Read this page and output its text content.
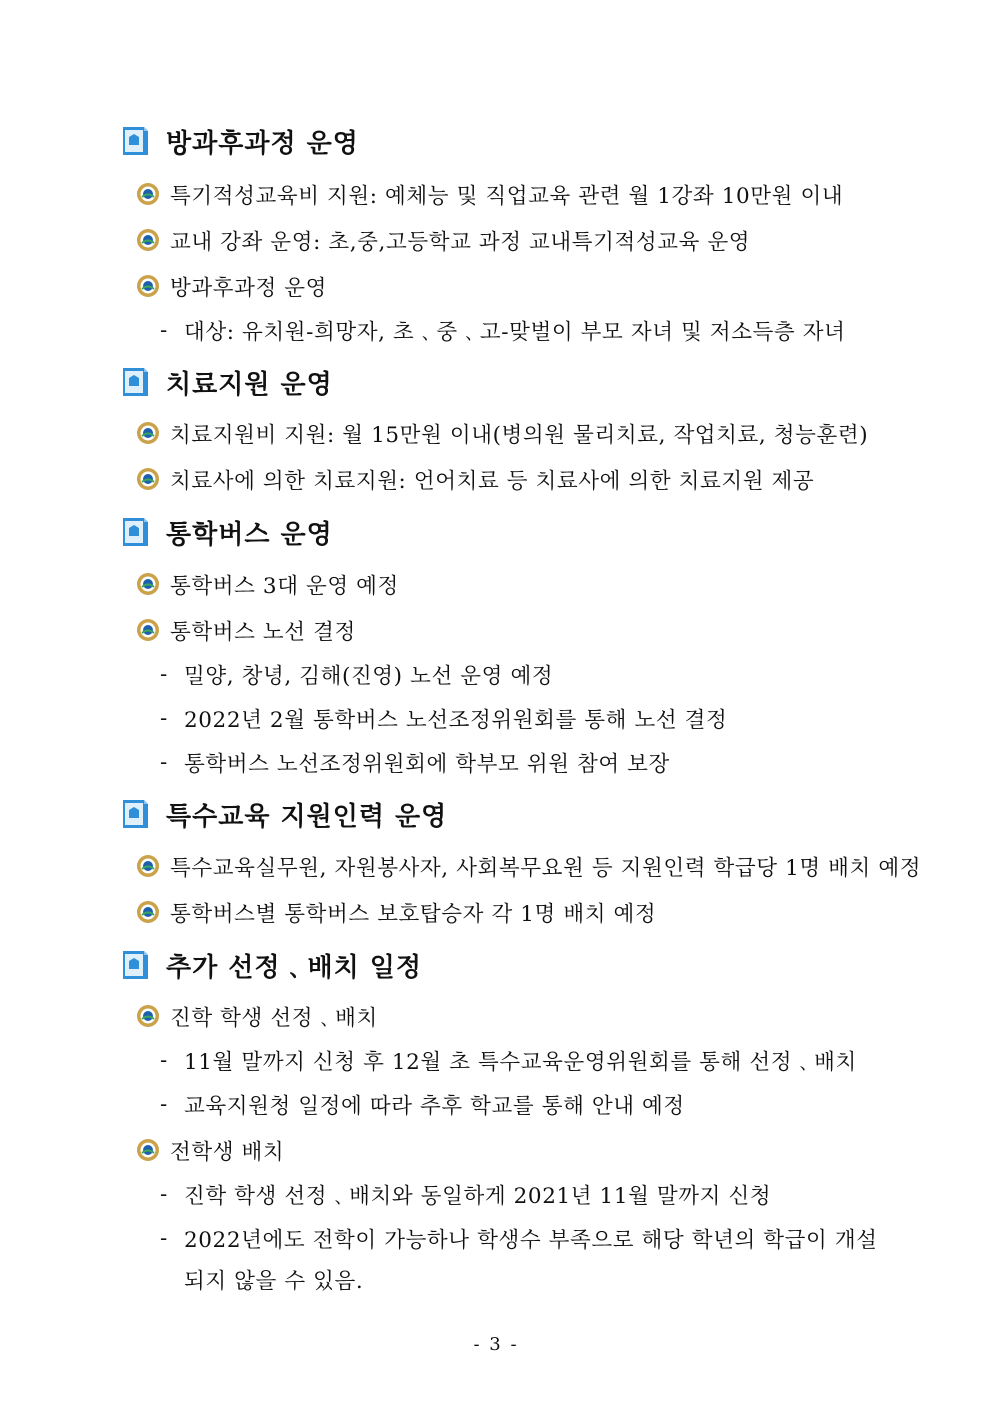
방과후과정 운영
특기적성교육비 지원: 예체능 및 직업교육 관련 월 1강좌 10만원 이내
교내 강좌 운영: 초,중,고등학교 과정 교내특기적성교육 운영
방과후과정 운영
- 대상: 유치원-희망자, 초﹑중﹑고-맞벌이 부모 자녀 및 저소득층 자녀
치료지원 운영
치료지원비 지원: 월 15만원 이내(병의원 물리치료, 작업치료, 청능훈련)
치료사에 의한 치료지원: 언어치료 등 치료사에 의한 치료지원 제공
통학버스 운영
통학버스 3대 운영 예정
통학버스 노선 결정
- 밀양, 창녕, 김해(진영) 노선 운영 예정
- 2022년 2월 통학버스 노선조정위원회를 통해 노선 결정
- 통학버스 노선조정위원회에 학부모 위원 참여 보장
특수교육 지원인력 운영
특수교육실무원, 자원봉사자, 사회복무요원 등 지원인력 학급당 1명 배치 예정
통학버스별 통학버스 보호탑승자 각 1명 배치 예정
추가 선정﹑배치 일정
진학 학생 선정﹑배치
- 11월 말까지 신청 후 12월 초 특수교육운영위원회를 통해 선정﹑배치
- 교육지원청 일정에 따라 추후 학교를 통해 안내 예정
전학생 배치
- 진학 학생 선정﹑배치와 동일하게 2021년 11월 말까지 신청
- 2022년에도 전학이 가능하나 학생수 부족으로 해당 학년의 학급이 개설
되지 않을 수 있음.
- 3 -
